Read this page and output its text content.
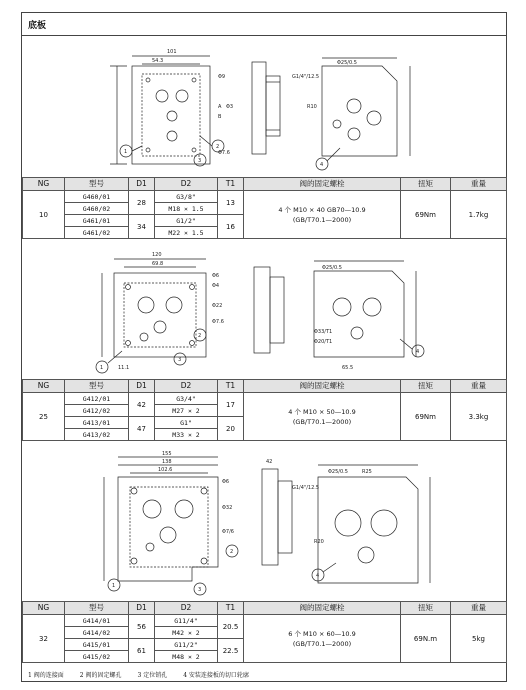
底板
101
54.3
Φ9
A Φ3
B
Φ7.6
1
2
3
4
Φ25/0.5
G1/4"/12.5
R10
NG	型号	D1	D2	T1	阀的固定螺栓	扭矩	重量
10	G460/01	28	G3/8"	13	4 个 M10 × 40 GB70—10.9
(GB/T70.1—2000)	69Nm	1.7kg
	G460/02		M18 × 1.5				
	G461/01	34	G1/2"	16			
	G461/02		M22 × 1.5				
120
69.8
Φ6
Φ4
Φ22
Φ7.6
11.1
1
2
3
4
Φ25/0.5
Φ33/T1
Φ20/T1
65.5
NG	型号	D1	D2	T1	阀的固定螺栓	扭矩	重量
25	G412/01	42	G3/4"	17	4 个 M10 × 50—10.9
(GB/T70.1—2000)	69Nm	3.3kg
	G412/02		M27 × 2				
	G413/01	47	G1"	20			
	G413/02		M33 × 2				
155
138
102.6
Φ6
Φ32
Φ7/6
1
2
3
42
4
Φ25/0.5
G1/4"/12.5
R20
R25
NG	型号	D1	D2	T1	阀的固定螺栓	扭矩	重量
32	G414/01	56	G11/4"	20.5	6 个 M10 × 60—10.9
(GB/T70.1—2000)	69N.m	5kg
	G414/02		M42 × 2				
	G415/01	61	G11/2"	22.5			
	G415/02		M48 × 2				
1 阀的连接面	2 阀的固定螺孔	3 定位销孔	4 安装连接板的切口轮廓
